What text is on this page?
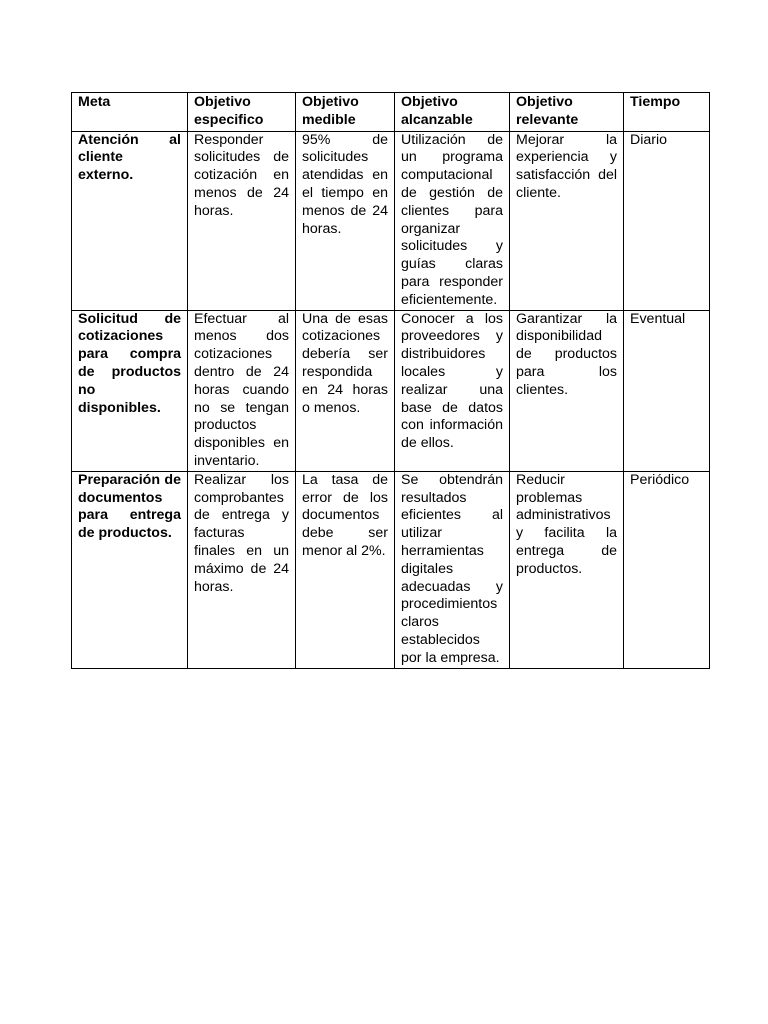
Meta	Objetivo especifico	Objetivo medible	Objetivo alcanzable	Objetivo relevante	Tiempo
Atención al cliente externo.	Responder solicitudes de cotización en menos de 24 horas.	95% de solicitudes atendidas en el tiempo en menos de 24 horas.	Utilización de un programa computacional de gestión de clientes para organizar solicitudes y guías claras para responder eficientemente.	Mejorar la experiencia y satisfacción del cliente.	Diario
Solicitud de cotizaciones para compra de productos no disponibles.	Efectuar al menos dos cotizaciones dentro de 24 horas cuando no se tengan productos disponibles en inventario.	Una de esas cotizaciones debería ser respondida en 24 horas o menos.	Conocer a los proveedores y distribuidores locales y realizar una base de datos con información de ellos.	Garantizar la disponibilidad de productos para los clientes.	Eventual
Preparación de documentos para entrega de productos.	Realizar los comprobantes de entrega y facturas finales en un máximo de 24 horas.	La tasa de error de los documentos debe ser menor al 2%.	Se obtendrán resultados eficientes al utilizar herramientas digitales adecuadas y procedimientos claros establecidos por la empresa.	Reducir problemas administrativos y facilita la entrega de productos.	Periódico
